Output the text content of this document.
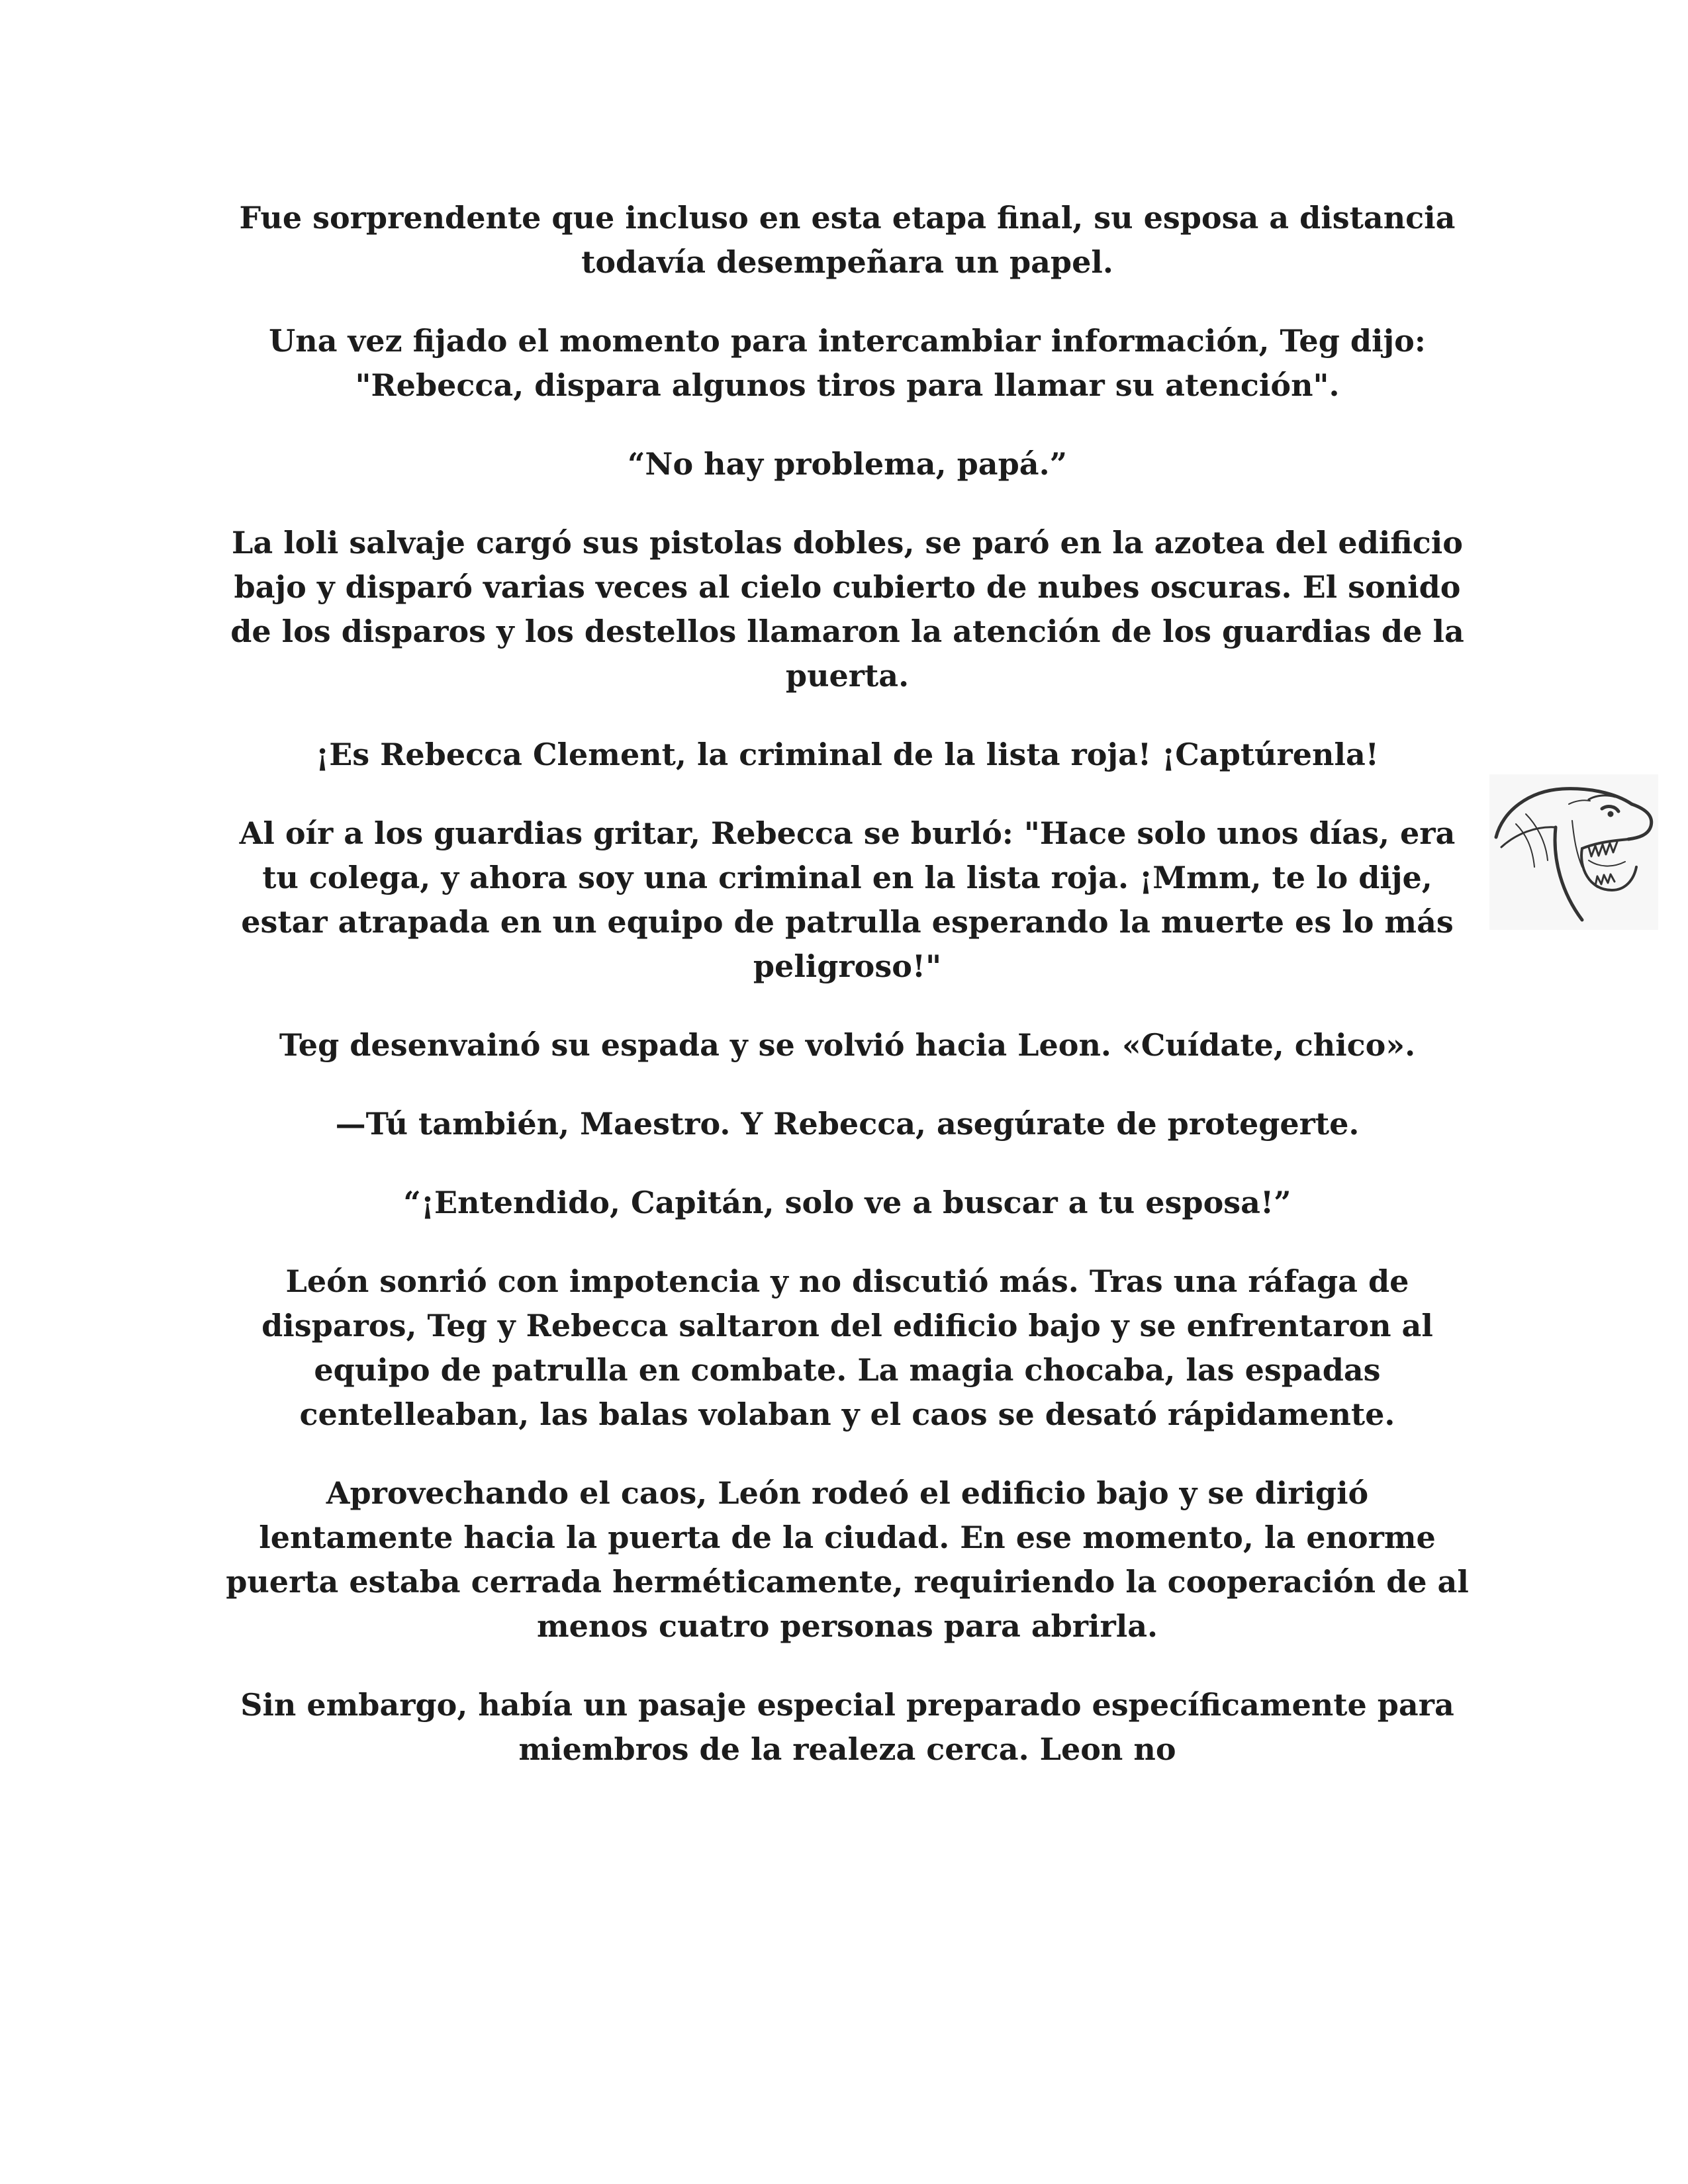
Fue sorprendente que incluso en esta etapa final, su esposa a distancia todavía desempeñara un papel.

Una vez fijado el momento para intercambiar información, Teg dijo: "Rebecca, dispara algunos tiros para llamar su atención".

“No hay problema, papá.”

La loli salvaje cargó sus pistolas dobles, se paró en la azotea del edificio bajo y disparó varias veces al cielo cubierto de nubes oscuras. El sonido de los disparos y los destellos llamaron la atención de los guardias de la puerta.

¡Es Rebecca Clement, la criminal de la lista roja! ¡Captúrenla!

Al oír a los guardias gritar, Rebecca se burló: "Hace solo unos días, era tu colega, y ahora soy una criminal en la lista roja. ¡Mmm, te lo dije, estar atrapada en un equipo de patrulla esperando la muerte es lo más peligroso!"

Teg desenvainó su espada y se volvió hacia Leon. «Cuídate, chico».

—Tú también, Maestro. Y Rebecca, asegúrate de protegerte.

“¡Entendido, Capitán, solo ve a buscar a tu esposa!”

León sonrió con impotencia y no discutió más. Tras una ráfaga de disparos, Teg y Rebecca saltaron del edificio bajo y se enfrentaron al equipo de patrulla en combate. La magia chocaba, las espadas centelleaban, las balas volaban y el caos se desató rápidamente.

Aprovechando el caos, León rodeó el edificio bajo y se dirigió lentamente hacia la puerta de la ciudad. En ese momento, la enorme puerta estaba cerrada herméticamente, requiriendo la cooperación de al menos cuatro personas para abrirla.

Sin embargo, había un pasaje especial preparado específicamente para miembros de la realeza cerca. Leon no
